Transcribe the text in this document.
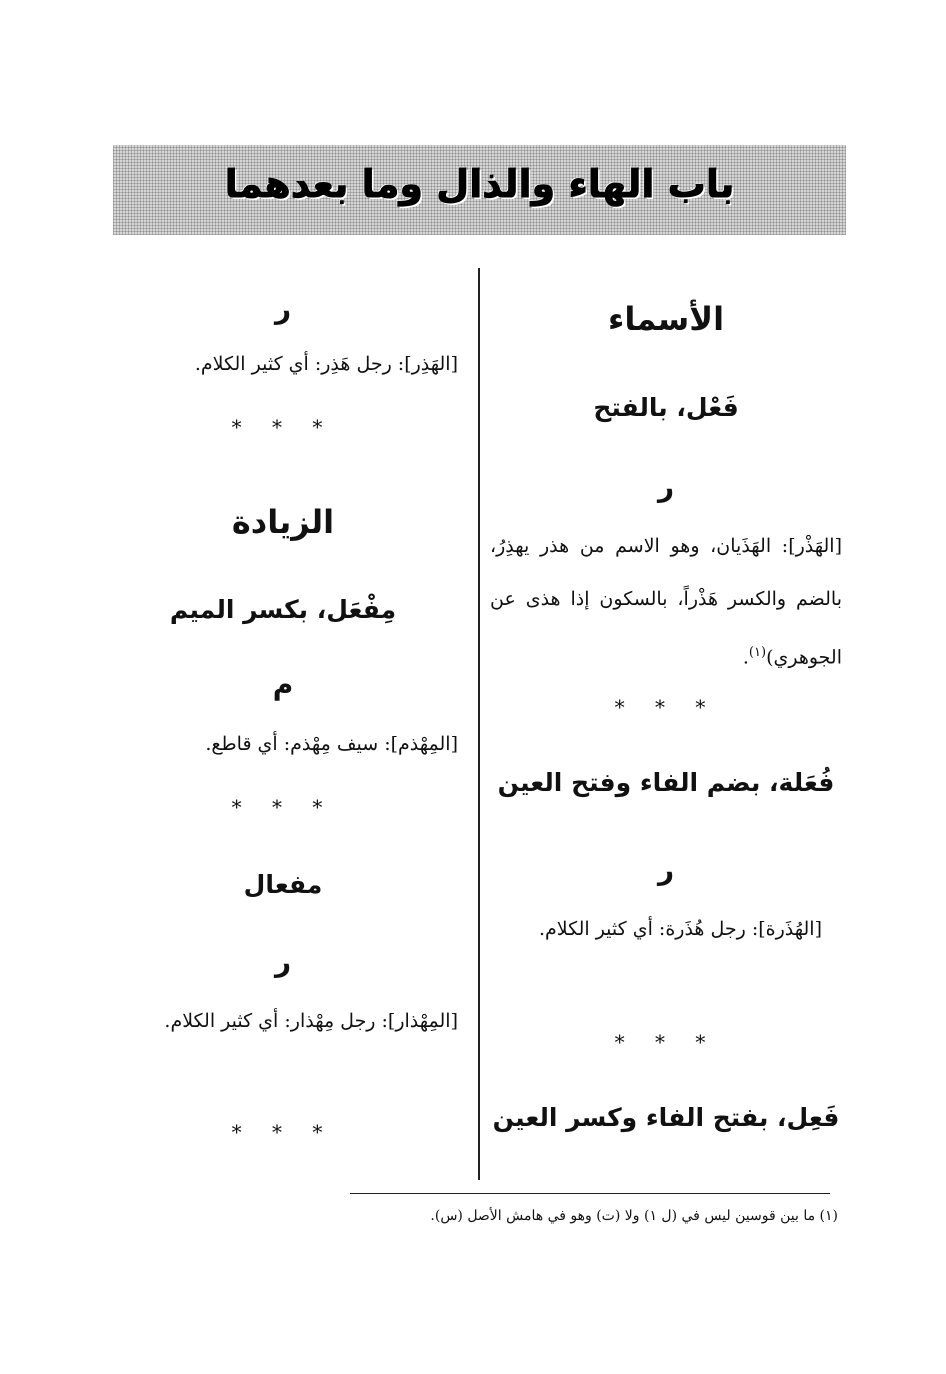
باب الهاء والذال وما بعدهما
الأسماء
فَعْل، بالفتح
ر
[الهَذْر]: الهَذَيان، وهو الاسم من هذر يهذِرُ، بالضم والكسر هَذْراً، بالسكون إذا هذى عن الجوهري)$^{(١)}$.
* * *
فُعَلة، بضم الفاء وفتح العين
ر
[الهُذَرة]: رجل هُذَرة: أي كثير الكلام.
* * *
فَعِل، بفتح الفاء وكسر العين
ر
[الهَذِر]: رجل هَذِر: أي كثير الكلام.
* * *
الزيادة
مِفْعَل، بكسر الميم
م
[المِهْذم]: سيف مِهْذم: أي قاطع.
* * *
مفعال
ر
[المِهْذار]: رجل مِهْذار: أي كثير الكلام.
* * *
(١) ما بين قوسين ليس في (ل ١) ولا (ت) وهو في هامش الأصل (س).
